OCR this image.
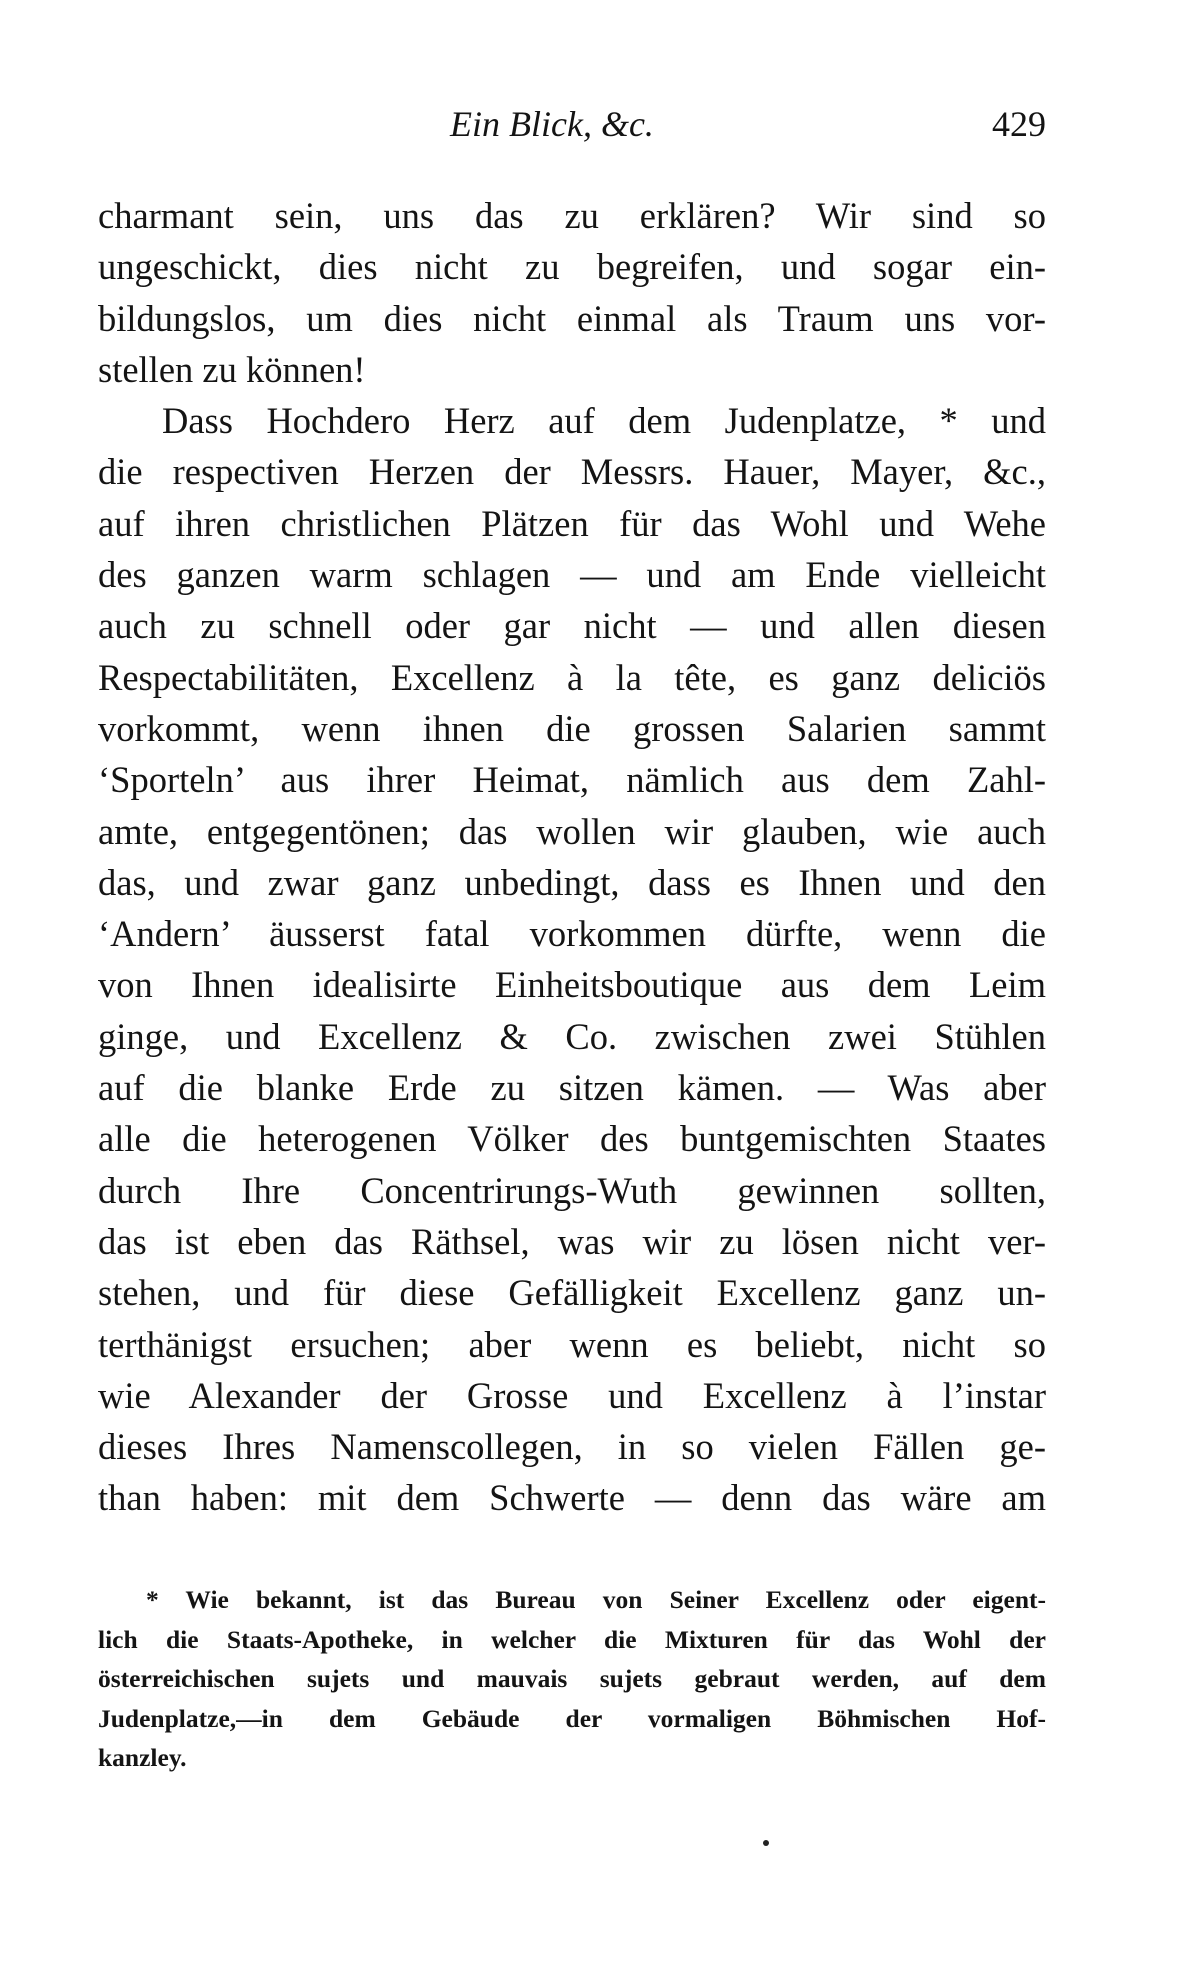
Ein Blick, &c.	429
charmant sein, uns das zu erklären? Wir sind so
ungeschickt, dies nicht zu begreifen, und sogar ein-
bildungslos, um dies nicht einmal als Traum uns vor-
stellen zu können!
Dass Hochdero Herz auf dem Judenplatze, * und
die respectiven Herzen der Messrs. Hauer, Mayer, &c.,
auf ihren christlichen Plätzen für das Wohl und Wehe
des ganzen warm schlagen — und am Ende vielleicht
auch zu schnell oder gar nicht — und allen diesen
Respectabilitäten, Excellenz à la tête, es ganz deliciös
vorkommt, wenn ihnen die grossen Salarien sammt
‘Sporteln’ aus ihrer Heimat, nämlich aus dem Zahl-
amte, entgegentönen; das wollen wir glauben, wie auch
das, und zwar ganz unbedingt, dass es Ihnen und den
‘Andern’ äusserst fatal vorkommen dürfte, wenn die
von Ihnen idealisirte Einheitsboutique aus dem Leim
ginge, und Excellenz & Co. zwischen zwei Stühlen
auf die blanke Erde zu sitzen kämen. — Was aber
alle die heterogenen Völker des buntgemischten Staates
durch Ihre Concentrirungs-Wuth gewinnen sollten,
das ist eben das Räthsel, was wir zu lösen nicht ver-
stehen, und für diese Gefälligkeit Excellenz ganz un-
terthänigst ersuchen; aber wenn es beliebt, nicht so
wie Alexander der Grosse und Excellenz à l’instar
dieses Ihres Namenscollegen, in so vielen Fällen ge-
than haben: mit dem Schwerte — denn das wäre am
* Wie bekannt, ist das Bureau von Seiner Excellenz oder eigent-
lich die Staats-Apotheke, in welcher die Mixturen für das Wohl der
österreichischen sujets und mauvais sujets gebraut werden, auf dem
Judenplatze,—in dem Gebäude der vormaligen Böhmischen Hof-
kanzley.
